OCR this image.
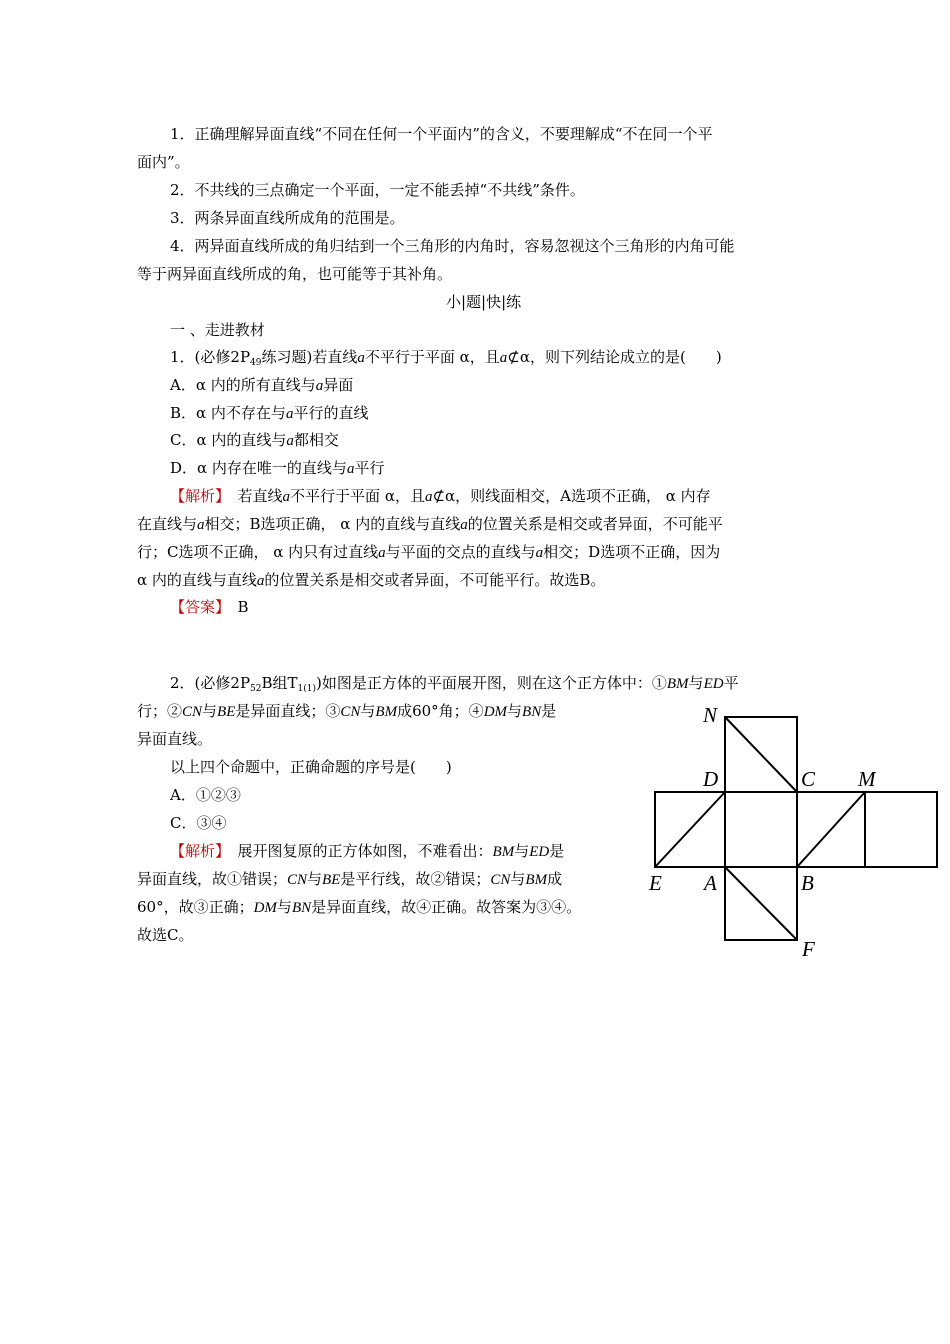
1．正确理解异面直线“不同在任何一个平面内”的含义，不要理解成“不在同一个平
面内”。
2．不共线的三点确定一个平面，一定不能丢掉“不共线”条件。
3．两条异面直线所成角的范围是。
4．两异面直线所成的角归结到一个三角形的内角时，容易忽视这个三角形的内角可能
等于两异面直线所成的角，也可能等于其补角。
小|题|快|练
一 、走进教材
1．(必修$2P_{49}$练习题)若直线a不平行于平面 α，且a⊄α，则下列结论成立的是(　　)
A．α 内的所有直线与a异面
B．α 内不存在与a平行的直线
C．α 内的直线与a都相交
D．α 内存在唯一的直线与a平行
【解析】　 若直线a不平行于平面 α，且a⊄α，则线面相交，A选项不正确， α 内存
在直线与a相交；B选项正确， α 内的直线与直线a的位置关系是相交或者异面，不可能平
行；C选项不正确， α 内只有过直线a与平面的交点的直线与a相交；D选项不正确，因为
α 内的直线与直线a的位置关系是相交或者异面，不可能平行。故选B。
【答案】　 B
2．(必修$2P_{52}B$组$T_{1(1)}$)如图是正方体的平面展开图，则在这个正方体中：①BM与ED平
行；②CN与BE是异面直线；③CN与BM成60°角；④DM与BN是
异面直线。
以上四个命题中，正确命题的序号是(　　)
A．①②③
C．③④
【解析】　 展开图复原的正方体如图，不难看出：BM与ED是
异面直线，故①错误；CN与BE是平行线，故②错误；CN与BM成
60°，故③正确；DM与BN是异面直线，故④正确。故答案为③④。
故选C。
N
D	C M
E A	B
F
